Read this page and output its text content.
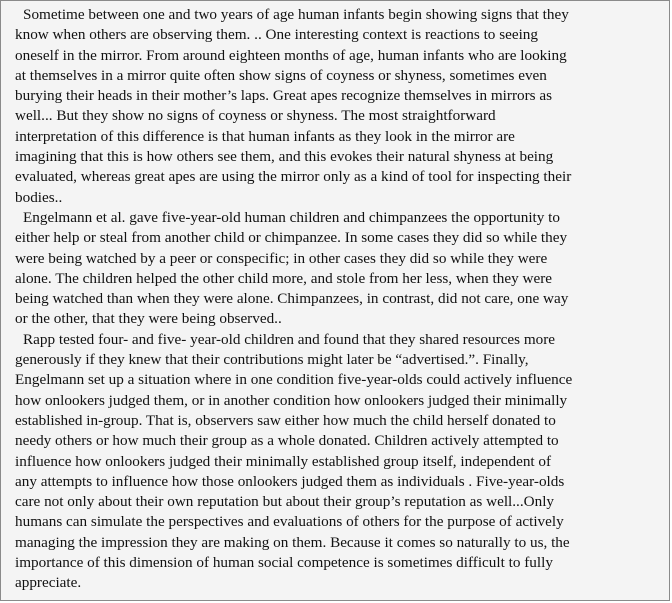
Sometime between one and two years of age human infants begin showing signs that they
know when others are observing them. .. One interesting context is reactions to seeing
oneself in the mirror. From around eighteen months of age, human infants who are looking
at themselves in a mirror quite often show signs of coyness or shyness, sometimes even
burying their heads in their mother’s laps. Great apes recognize themselves in mirrors as
well... But they show no signs of coyness or shyness. The most straightforward
interpretation of this difference is that human infants as they look in the mirror are
imagining that this is how others see them, and this evokes their natural shyness at being
evaluated, whereas great apes are using the mirror only as a kind of tool for inspecting their
bodies..
Engelmann et al. gave five-year-old human children and chimpanzees the opportunity to
either help or steal from another child or chimpanzee. In some cases they did so while they
were being watched by a peer or conspecific; in other cases they did so while they were
alone. The children helped the other child more, and stole from her less, when they were
being watched than when they were alone. Chimpanzees, in contrast, did not care, one way
or the other, that they were being observed..
Rapp tested four- and five- year-old children and found that they shared resources more
generously if they knew that their contributions might later be “advertised.”. Finally,
Engelmann set up a situation where in one condition five-year-olds could actively influence
how onlookers judged them, or in another condition how onlookers judged their minimally
established in-group. That is, observers saw either how much the child herself donated to
needy others or how much their group as a whole donated. Children actively attempted to
influence how onlookers judged their minimally established group itself, independent of
any attempts to influence how those onlookers judged them as individuals . Five-year-olds
care not only about their own reputation but about their group’s reputation as well...Only
humans can simulate the perspectives and evaluations of others for the purpose of actively
managing the impression they are making on them. Because it comes so naturally to us, the
importance of this dimension of human social competence is sometimes difficult to fully
appreciate.
